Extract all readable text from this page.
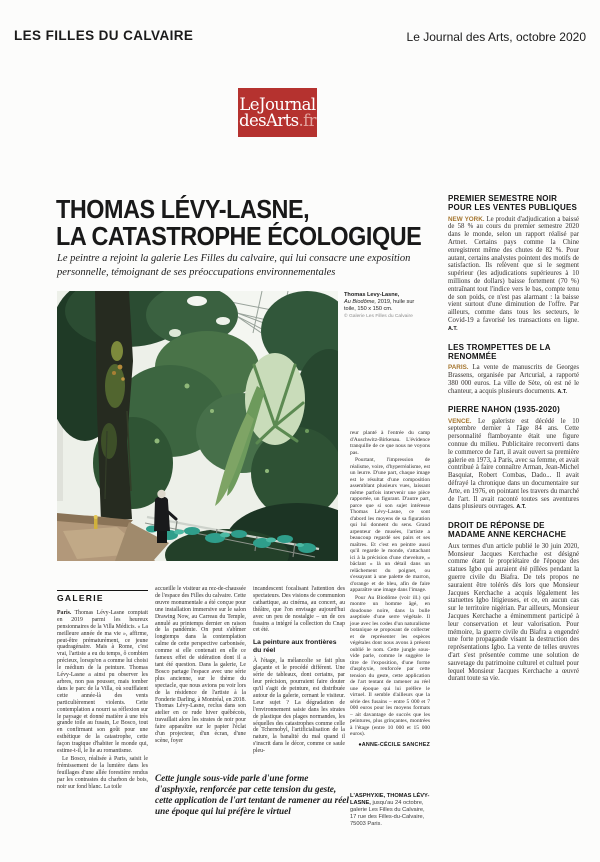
LES FILLES DU CALVAIRE	Le Journal des Arts, octobre 2020
LeJournal
desArts.fr
THOMAS LÉVY-LASNE,
LA CATASTROPHE ÉCOLOGIQUE
Le peintre a rejoint la galerie Les Filles du calvaire, qui lui consacre une exposition personnelle, témoignant de ses préoccupations environnementales
Thomas Levy-Lasne,
Au Biodôme, 2019, huile sur toile, 150 x 150 cm.
© Galerie Les Filles du Calvaire
GALERIE

Paris. Thomas Lévy-Lasne comptait en 2019 parmi les heureux pensionnaires de la Villa Médicis. « La meilleure année de ma vie », affirme, peut-être prématurément, ce jeune quadragénaire. Mais à Rome, c'est vrai, l'artiste a eu du temps, ô combien précieux, lorsqu'on a comme lui choisi le médium de la peinture. Thomas Lévy-Lasne a ainsi pu observer les arbres, non pas pousser, mais tomber dans le parc de la Villa, où soufflaient cette année-là des vents particulièrement violents. Cette contemplation a nourri sa réflexion sur le paysage et donné matière à une très grande toile au fusain, Le Bosco, tout en confirmant son goût pour une esthétique de la catastrophe, cette façon tragique d'habiter le monde qui, estime-t-il, le lie au romantisme.

Le Bosco, réalisée à Paris, saisit le frémissement de la lumière dans les feuillages d'une allée forestière rendus par les contrastes du charbon de bois, noir sur fond blanc. La toile

accueille le visiteur au rez-de-chaussée de l'espace des Filles du calvaire. Cette œuvre monumentale a été conçue pour une installation immersive sur le salon Drawing Now, au Carreau du Temple, annulé au printemps dernier en raison de la pandémie. On peut s'abîmer longtemps dans la contemplation calme de cette perspective carbonisée, comme si elle contenait en elle ce fameux effet de sidération dont il a tant été question. Dans la galerie, Le Bosco partage l'espace avec une série plus ancienne, sur le thème du spectacle, que nous avions pu voir lors de la résidence de l'artiste à la Fonderie Darling, à Montréal, en 2018. Thomas Lévy-Lasne, reclus dans son atelier en ce rude hiver québécois, travaillait alors les strates de noir pour faire apparaître sur le papier l'éclat d'un projecteur, d'un écran, d'une scène, foyer

incandescent focalisant l'attention des spectateurs. Des visions de communion cathartique, au cinéma, au concert, au théâtre, que l'on envisage aujourd'hui avec un peu de nostalgie – un de ces fusains a intégré la collection du Cnap cet été.

La peinture aux frontières du réel

À l'étage, la mélancolie se fait plus glaçante et le procédé différent. Une série de tableaux, dont certains, par leur précision, pourraient faire douter qu'il s'agit de peinture, est distribuée autour de la galerie, cernant le visiteur. Leur sujet ? La dégradation de l'environnement saisie dans les strates de plastique des plages normandes, les séquelles des catastrophes comme celle de Tchernobyl, l'artificialisation de la nature, la banalité du mal quand il s'inscrit dans le décor, comme ce saule pleu-

reur planté à l'entrée du camp d'Auschwitz-Birkenau. L'évidence tranquille de ce que nous ne voyons pas.

Pourtant, l'impression de réalisme, voire, d'hyperréalisme, est un leurre. D'une part, chaque image est le résultat d'une composition assemblant plusieurs vues, laissant même parfois intervenir une pièce rapportée, un figurant. D'autre part, parce que si son sujet intéresse Thomas Lévy-Lasne, ce sont d'abord les moyens de sa figuration qui lui donnent du sens. Grand arpenteur de musées, l'artiste a beaucoup regardé ses pairs et ses maîtres. Et c'est en peintre aussi qu'il regarde le monde, s'attachant ici à la précision d'une chevelure, « bâclant » là un détail dans un relâchement du poignet, ou s'essayant à une palette de marron, d'orange et de bleu, afin de faire apparaître une image dans l'image.

Pour Au Biodôme (voir ill.) qui montre un homme âgé, en doudoune noire, dans la bulle aseptisée d'une serre végétale. Il joue avec les codes d'un naturalisme botanique se proposant de collecter et de représenter les espèces végétales dont nous avons à présent oublié le nom. Cette jungle sous-vide parle, comme le suggère le titre de l'exposition, d'une forme d'asphyxie, renforcée par cette tension du geste, cette application de l'art tentant de ramener au réel une époque qui lui préfère le virtuel. Il semble d'ailleurs que la série des fusains – entre 5 000 et 7 000 euros pour les moyens formats – ait davantage de succès que les peintures, plus grinçantes, montrées à l'étage (entre 10 000 et 15 000 euros).

●ANNE-CÉCILE SANCHEZ
Cette jungle sous-vide parle d'une forme d'asphyxie, renforcée par cette tension du geste, cette application de l'art tentant de ramener au réel une époque qui lui préfère le virtuel
L'ASPHYXIE, THOMAS LÉVY-LASNE, jusqu'au 24 octobre, galerie Les Filles du Calvaire, 17 rue des Filles-du-Calvaire, 75003 Paris.

PREMIER SEMESTRE NOIR POUR LES VENTES PUBLIQUES

NEW YORK. Le produit d'adjudication a baissé de 58 % au cours du premier semestre 2020 dans le monde, selon un rapport réalisé par Artnet. Certains pays comme la Chine enregistrent même des chutes de 82 %. Pour autant, certains analystes pointent des motifs de satisfaction. Ils relèvent que si le segment supérieur (les adjudications supérieures à 10 millions de dollars) baisse fortement (70 %) entraînant tout l'indice vers le bas, compte tenu de son poids, ce n'est pas alarmant : la baisse vient surtout d'une diminution de l'offre. Par ailleurs, comme dans tous les secteurs, le Covid-19 a favorisé les transactions en ligne. A.T.

LES TROMPETTES DE LA RENOMMÉE

PARIS. La vente de manuscrits de Georges Brassens, organisée par Artcurial, a rapporté 380 000 euros. La ville de Sète, où est né le chanteur, a acquis plusieurs documents. A.T.

PIERRE NAHON (1935-2020)

VENCE. Le galeriste est décédé le 10 septembre dernier à l'âge 84 ans. Cette personnalité flamboyante était une figure connue du milieu. Publicitaire reconverti dans le commerce de l'art, il avait ouvert sa première galerie en 1973, à Paris, avec sa femme, et avait contribué à faire connaître Arman, Jean-Michel Basquiat, Robert Combas, Dado... Il avait défrayé la chronique dans un documentaire sur Arte, en 1976, en pointant les travers du marché de l'art. Il avait raconté toutes ses aventures dans plusieurs ouvrages. A.T.

DROIT DE RÉPONSE DE MADAME ANNE KERCHACHE

Aux termes d'un article publié le 30 juin 2020, Monsieur Jacques Kerchache est désigné comme étant le propriétaire de l'époque des statues Igbo qui auraient été pillées pendant la guerre civile du Biafra. De tels propos ne sauraient être tolérés dès lors que Monsieur Jacques Kerchache a acquis légalement les statuettes Igbo litigieuses, et ce, en aucun cas sur le territoire nigérian. Par ailleurs, Monsieur Jacques Kerchache a éminemment participé à leur conservation et leur valorisation. Pour mémoire, la guerre civile du Biafra a engendré une forte propagande visant la destruction des représentations Igbo. La vente de telles œuvres d'art s'est présentée comme une solution de sauvetage du patrimoine culturel et cultuel pour lequel Monsieur Jacques Kerchache a œuvré durant toute sa vie.
